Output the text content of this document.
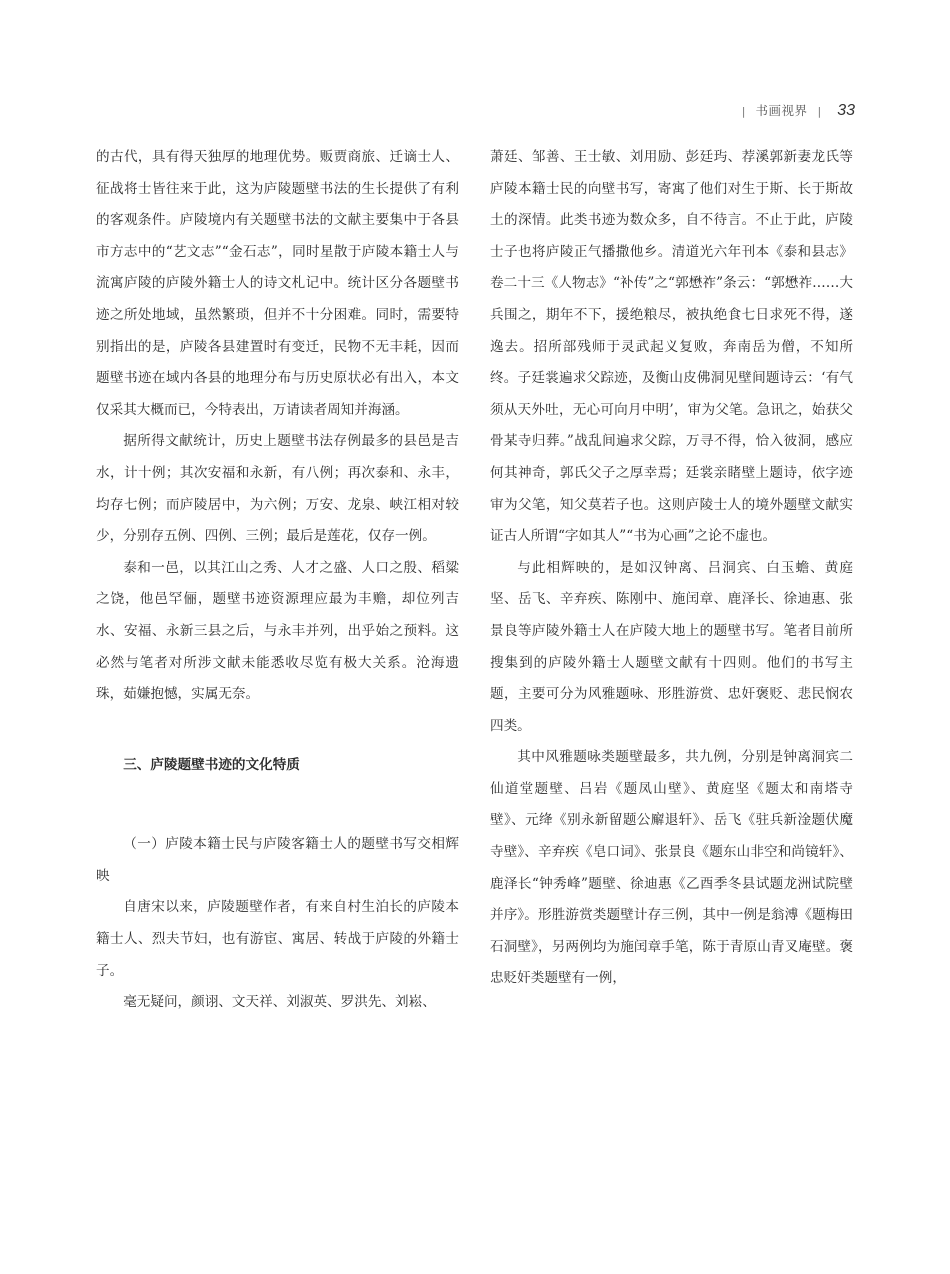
| 书画视界 | 33

的古代，具有得天独厚的地理优势。贩贾商旅、迁谪士人、征战将士皆往来于此，这为庐陵题壁书法的生长提供了有利的客观条件。庐陵境内有关题壁书法的文献主要集中于各县市方志中的“艺文志”“金石志”，同时星散于庐陵本籍士人与流寓庐陵的庐陵外籍士人的诗文札记中。统计区分各题壁书迹之所处地域，虽然繁琐，但并不十分困难。同时，需要特别指出的是，庐陵各县建置时有变迁，民物不无丰耗，因而题壁书迹在域内各县的地理分布与历史原状必有出入，本文仅采其大概而已，今特表出，万请读者周知并海涵。

据所得文献统计，历史上题壁书法存例最多的县邑是吉水，计十例；其次安福和永新，有八例；再次泰和、永丰，均存七例；而庐陵居中，为六例；万安、龙泉、峡江相对较少，分别存五例、四例、三例；最后是莲花，仅存一例。

泰和一邑，以其江山之秀、人才之盛、人口之殷、稻粱之饶，他邑罕俪，题壁书迹资源理应最为丰赡，却位列吉水、安福、永新三县之后，与永丰并列，出乎始之预料。这必然与笔者对所涉文献未能悉收尽览有极大关系。沧海遗珠，茹嫌抱憾，实属无奈。

三、庐陵题壁书迹的文化特质

（一）庐陵本籍士民与庐陵客籍士人的题壁书写交相辉映

自唐宋以来，庐陵题壁作者，有来自村生泊长的庐陵本籍士人、烈夫节妇，也有游宦、寓居、转战于庐陵的外籍士子。

毫无疑问，颜诩、文天祥、刘淑英、罗洪先、刘崧、

萧廷、邹善、王士敏、刘用励、彭廷玙、荐溪郭新妻龙氏等庐陵本籍士民的向壁书写，寄寓了他们对生于斯、长于斯故土的深情。此类书迹为数众多，自不待言。不止于此，庐陵士子也将庐陵正气播撒他乡。清道光六年刊本《泰和县志》卷二十三《人物志》“补传”之“郭懋祚”条云：“郭懋祚……大兵围之，期年不下，援绝粮尽，被执绝食七日求死不得，遂逸去。招所部残师于灵武起义复败，奔南岳为僧，不知所终。子廷裳遍求父踪迹，及衡山皮佛洞见壁间题诗云：‘有气须从天外吐，无心可向月中明’，审为父笔。急讯之，始获父骨某寺归葬。”战乱间遍求父踪，万寻不得，恰入彼洞，感应何其神奇，郭氏父子之厚幸焉；廷裳亲睹壁上题诗，依字迹审为父笔，知父莫若子也。这则庐陵士人的境外题壁文献实证古人所谓“字如其人”“书为心画”之论不虚也。

与此相辉映的，是如汉钟离、吕洞宾、白玉蟾、黄庭坚、岳飞、辛弃疾、陈刚中、施闰章、鹿泽长、徐迪惠、张景良等庐陵外籍士人在庐陵大地上的题壁书写。笔者目前所搜集到的庐陵外籍士人题壁文献有十四则。他们的书写主题，主要可分为风雅题咏、形胜游赏、忠奸褒贬、悲民悯农四类。

其中风雅题咏类题壁最多，共九例，分别是钟离洞宾二仙道堂题壁、吕岩《题凤山壁》、黄庭坚《题太和南塔寺壁》、元绛《别永新留题公廨退轩》、岳飞《驻兵新淦题伏魔寺壁》、辛弃疾《皂口词》、张景良《题东山非空和尚镜轩》、鹿泽长“钟秀峰”题壁、徐迪惠《乙酉季冬县试题龙洲试院壁并序》。形胜游赏类题壁计存三例，其中一例是翁溥《题梅田石洞壁》，另两例均为施闰章手笔，陈于青原山青叉庵壁。褒忠贬奸类题壁有一例，
